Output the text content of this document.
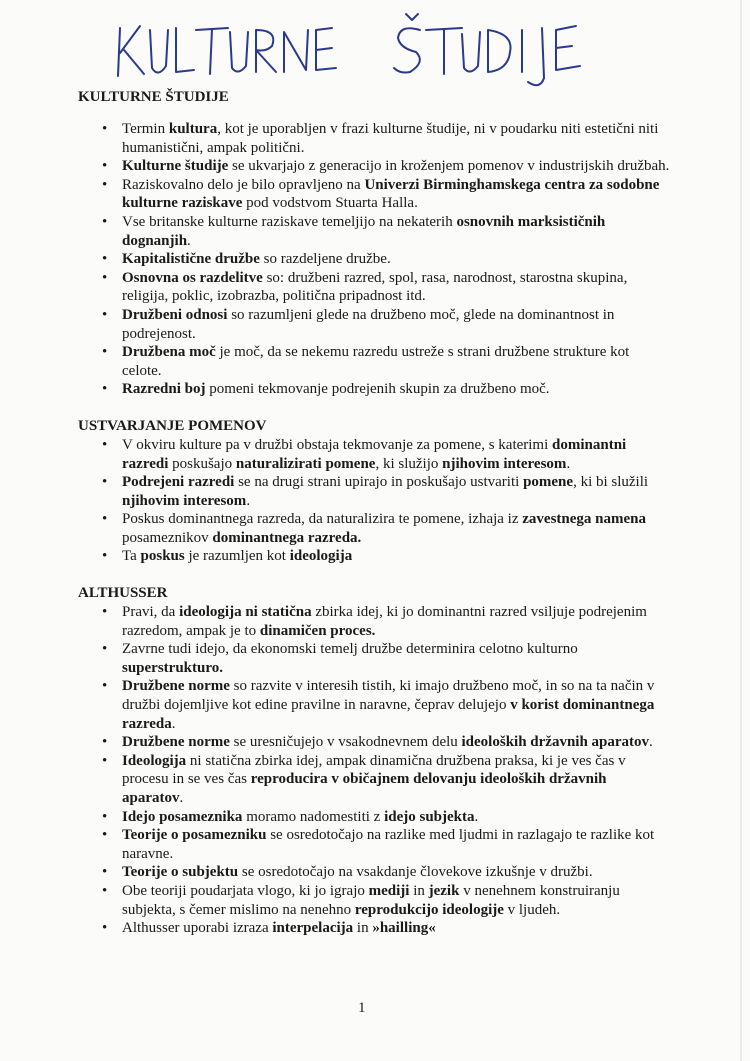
KULTURNE ŠTUDIJE
• Termin kultura, kot je uporabljen v frazi kulturne študije, ni v poudarku niti estetični niti humanistični, ampak politični.
• Kulturne študije se ukvarjajo z generacijo in kroženjem pomenov v industrijskih družbah.
• Raziskovalno delo je bilo opravljeno na Univerzi Birminghamskega centra za sodobne kulturne raziskave pod vodstvom Stuarta Halla.
• Vse britanske kulturne raziskave temeljijo na nekaterih osnovnih marksističnih dognanjih.
• Kapitalistične družbe so razdeljene družbe.
• Osnovna os razdelitve so: družbeni razred, spol, rasa, narodnost, starostna skupina, religija, poklic, izobrazba, politična pripadnost itd.
• Družbeni odnosi so razumljeni glede na družbeno moč, glede na dominantnost in podrejenost.
• Družbena moč je moč, da se nekemu razredu ustreže s strani družbene strukture kot celote.
• Razredni boj pomeni tekmovanje podrejenih skupin za družbeno moč.
USTVARJANJE POMENOV
• V okviru kulture pa v družbi obstaja tekmovanje za pomene, s katerimi dominantni razredi poskušajo naturalizirati pomene, ki služijo njihovim interesom.
• Podrejeni razredi se na drugi strani upirajo in poskušajo ustvariti pomene, ki bi služili njihovim interesom.
• Poskus dominantnega razreda, da naturalizira te pomene, izhaja iz zavestnega namena posameznikov dominantnega razreda.
• Ta poskus je razumljen kot ideologija
ALTHUSSER
• Pravi, da ideologija ni statična zbirka idej, ki jo dominantni razred vsiljuje podrejenim razredom, ampak je to dinamičen proces.
• Zavrne tudi idejo, da ekonomski temelj družbe determinira celotno kulturno superstrukturo.
• Družbene norme so razvite v interesih tistih, ki imajo družbeno moč, in so na ta način v družbi dojemljive kot edine pravilne in naravne, čeprav delujejo v korist dominantnega razreda.
• Družbene norme se uresničujejo v vsakodnevnem delu ideoloških državnih aparatov.
• Ideologija ni statična zbirka idej, ampak dinamična družbena praksa, ki je ves čas v procesu in se ves čas reproducira v običajnem delovanju ideoloških državnih aparatov.
• Idejo posameznika moramo nadomestiti z idejo subjekta.
• Teorije o posamezniku se osredotočajo na razlike med ljudmi in razlagajo te razlike kot naravne.
• Teorije o subjektu se osredotočajo na vsakdanje človekove izkušnje v družbi.
• Obe teoriji poudarjata vlogo, ki jo igrajo mediji in jezik v nenehnem konstruiranju subjekta, s čemer mislimo na nenehno reprodukcijo ideologije v ljudeh.
• Althusser uporabi izraza interpelacija in »hailling«
1
